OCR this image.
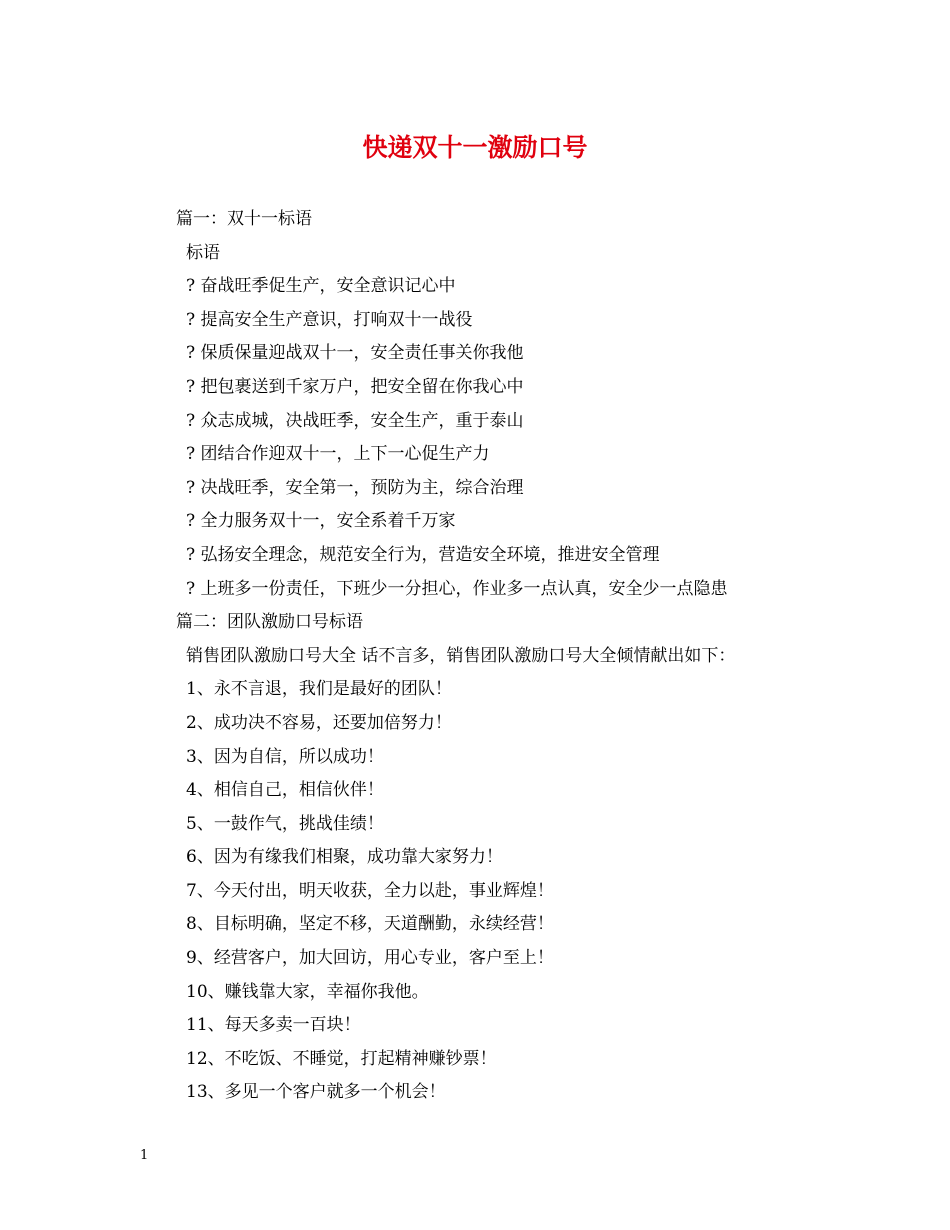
快递双十一激励口号
篇一：双十一标语
标语
? 奋战旺季促生产，安全意识记心中
? 提高安全生产意识，打响双十一战役
? 保质保量迎战双十一，安全责任事关你我他
? 把包裹送到千家万户，把安全留在你我心中
? 众志成城，决战旺季，安全生产，重于泰山
? 团结合作迎双十一，上下一心促生产力
? 决战旺季，安全第一，预防为主，综合治理
? 全力服务双十一，安全系着千万家
? 弘扬安全理念，规范安全行为，营造安全环境，推进安全管理
? 上班多一份责任，下班少一分担心，作业多一点认真，安全少一点隐患
篇二：团队激励口号标语
销售团队激励口号大全 话不言多，销售团队激励口号大全倾情献出如下：
1、永不言退，我们是最好的团队！
2、成功决不容易，还要加倍努力！
3、因为自信，所以成功！
4、相信自己，相信伙伴！
5、一鼓作气，挑战佳绩！
6、因为有缘我们相聚，成功靠大家努力！
7、今天付出，明天收获，全力以赴，事业辉煌！
8、目标明确，坚定不移，天道酬勤，永续经营！
9、经营客户，加大回访，用心专业，客户至上！
10、赚钱靠大家，幸福你我他。
11、每天多卖一百块！
12、不吃饭、不睡觉，打起精神赚钞票！
13、多见一个客户就多一个机会！
1
